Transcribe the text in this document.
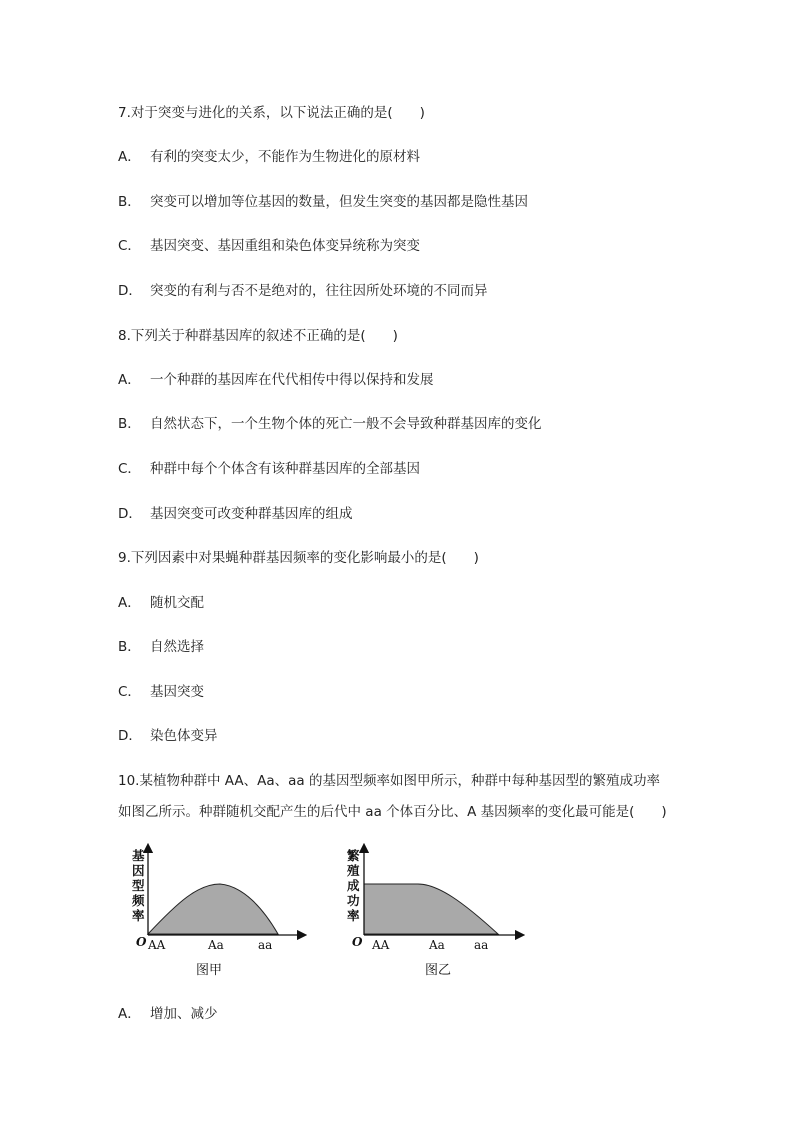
7.对于突变与进化的关系，以下说法正确的是(　　)
A． 有利的突变太少，不能作为生物进化的原材料
B． 突变可以增加等位基因的数量，但发生突变的基因都是隐性基因
C． 基因突变、基因重组和染色体变异统称为突变
D． 突变的有利与否不是绝对的，往往因所处环境的不同而异
8.下列关于种群基因库的叙述不正确的是(　　)
A． 一个种群的基因库在代代相传中得以保持和发展
B． 自然状态下，一个生物个体的死亡一般不会导致种群基因库的变化
C． 种群中每个个体含有该种群基因库的全部基因
D． 基因突变可改变种群基因库的组成
9.下列因素中对果蝇种群基因频率的变化影响最小的是(　　)
A． 随机交配
B． 自然选择
C． 基因突变
D． 染色体变异
10.某植物种群中 AA、Aa、aa 的基因型频率如图甲所示，种群中每种基因型的繁殖成功率
如图乙所示。种群随机交配产生的后代中 aa 个体百分比、A 基因频率的变化最可能是(　　)
基
因
型
频
率
O AA	Aa	aa
图甲
繁
殖
成
功
率
O AA	Aa aa
图乙
A． 增加、减少
